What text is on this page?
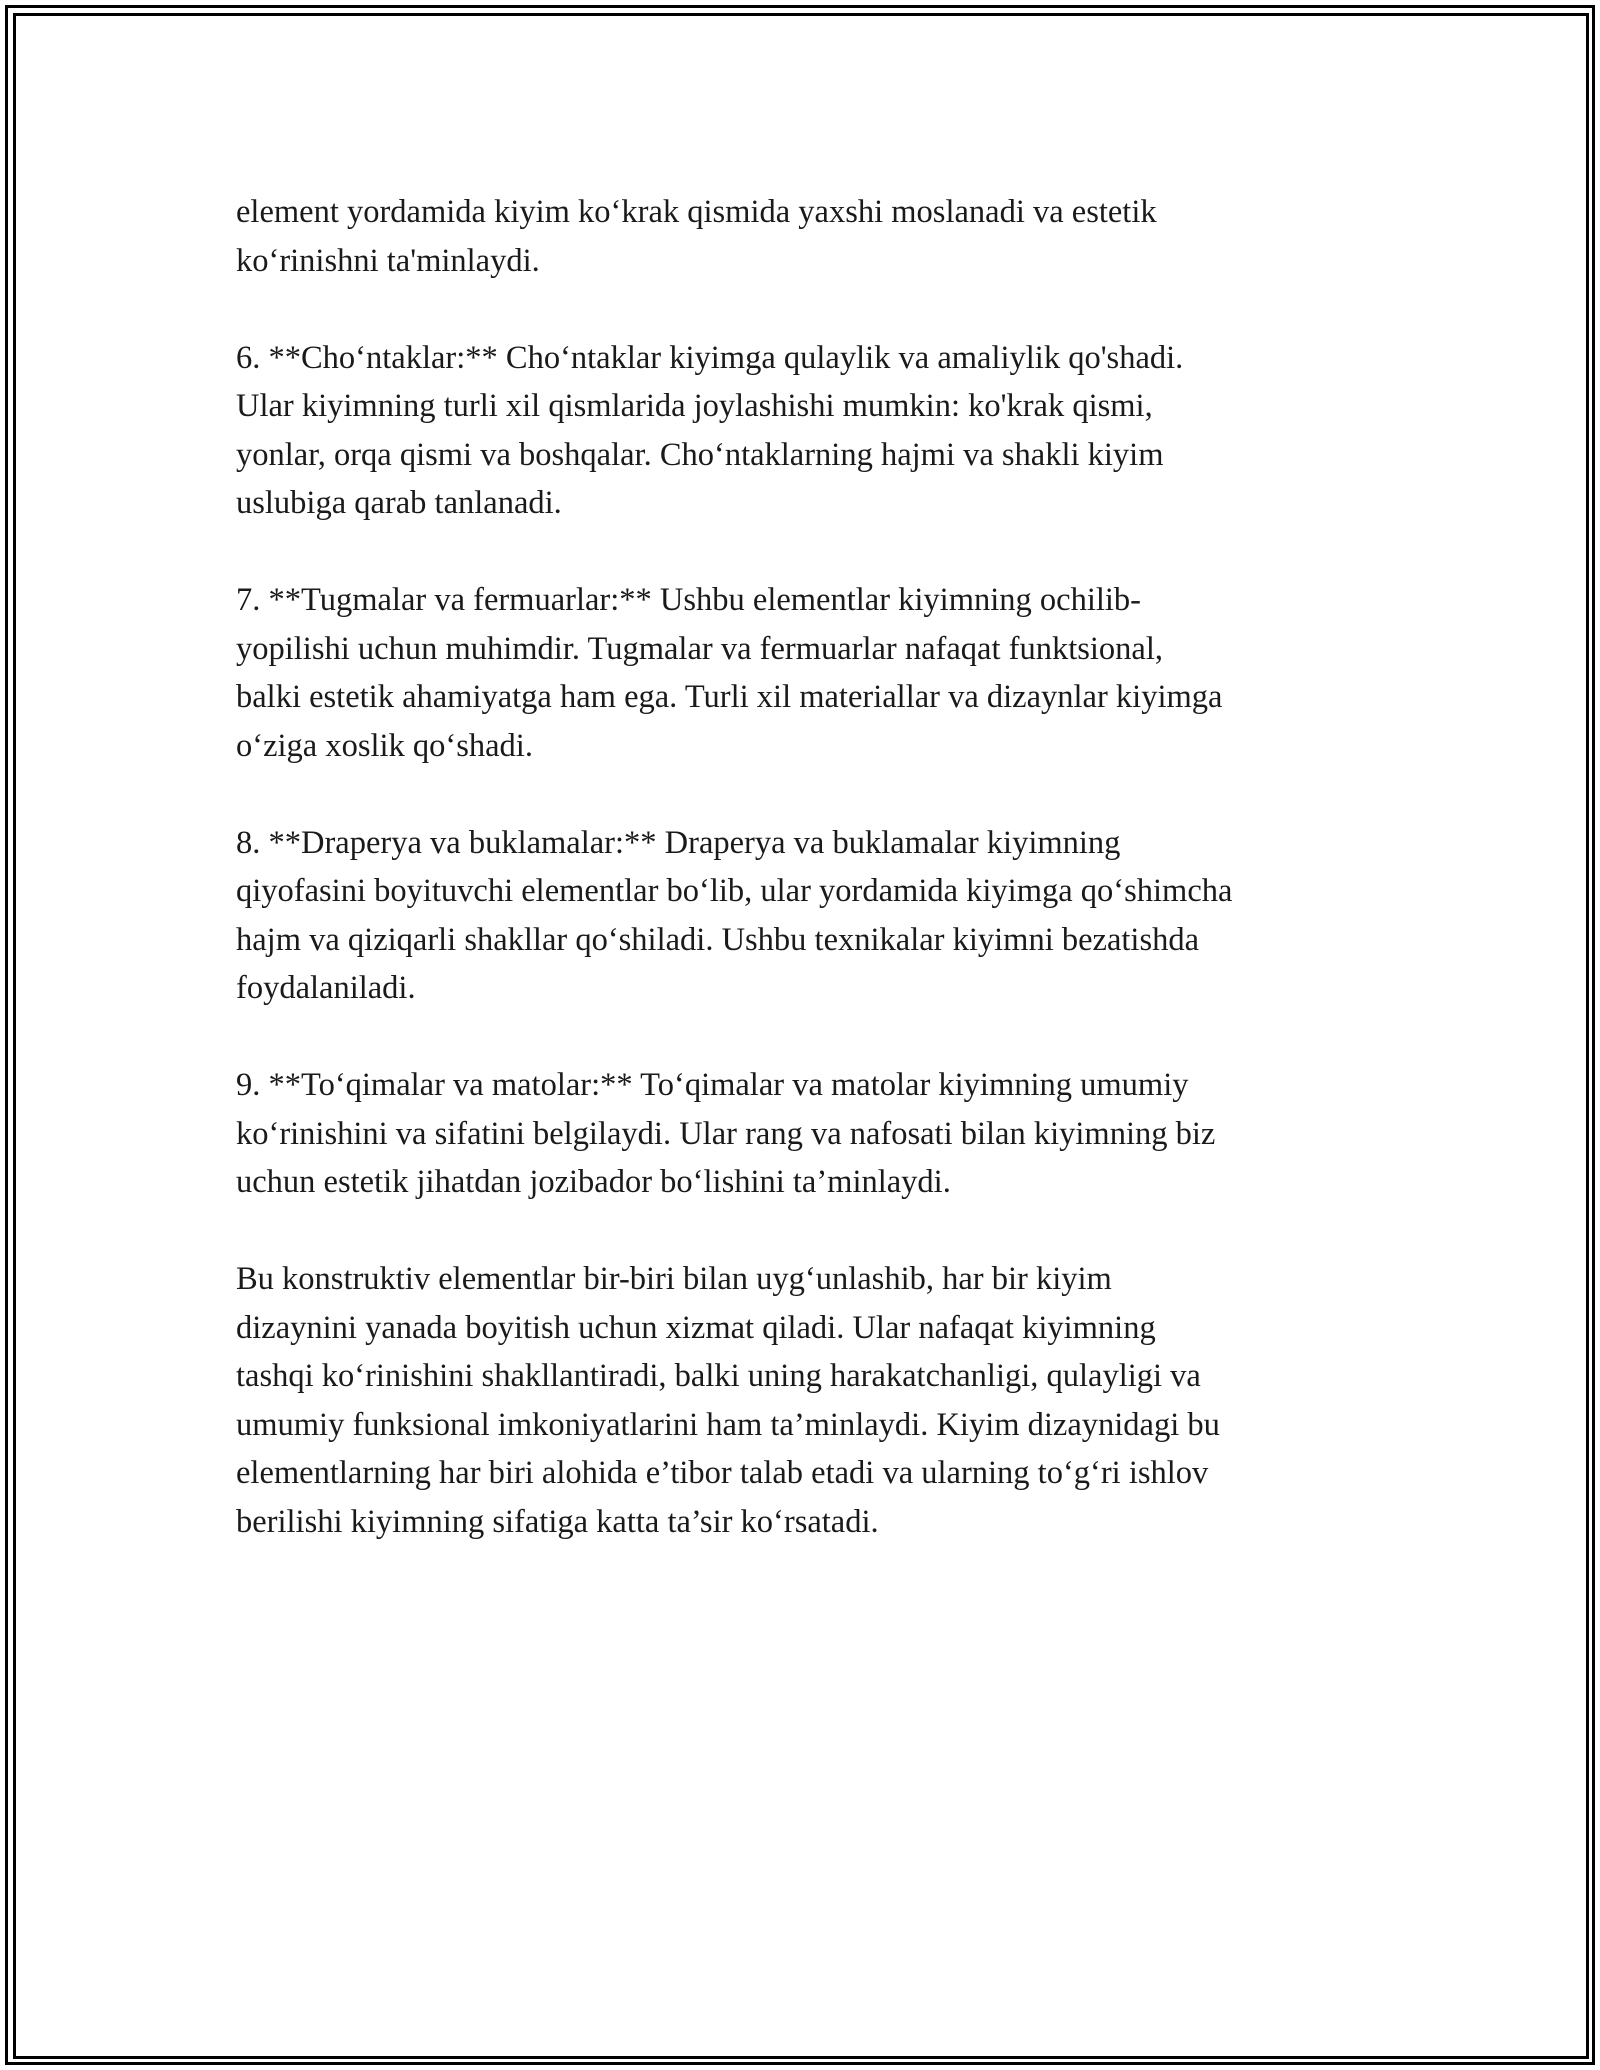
element yordamida kiyim ko‘krak qismida yaxshi moslanadi va estetik
ko‘rinishni ta'minlaydi.

6. **Cho‘ntaklar:** Cho‘ntaklar kiyimga qulaylik va amaliylik qo'shadi.
Ular kiyimning turli xil qismlarida joylashishi mumkin: ko'krak qismi,
yonlar, orqa qismi va boshqalar. Cho‘ntaklarning hajmi va shakli kiyim
uslubiga qarab tanlanadi.

7. **Tugmalar va fermuarlar:** Ushbu elementlar kiyimning ochilib-
yopilishi uchun muhimdir. Tugmalar va fermuarlar nafaqat funktsional,
balki estetik ahamiyatga ham ega. Turli xil materiallar va dizaynlar kiyimga
o‘ziga xoslik qo‘shadi.

8. **Draperya va buklamalar:** Draperya va buklamalar kiyimning
qiyofasini boyituvchi elementlar bo‘lib, ular yordamida kiyimga qo‘shimcha
hajm va qiziqarli shakllar qo‘shiladi. Ushbu texnikalar kiyimni bezatishda
foydalaniladi.

9. **To‘qimalar va matolar:** To‘qimalar va matolar kiyimning umumiy
ko‘rinishini va sifatini belgilaydi. Ular rang va nafosati bilan kiyimning biz
uchun estetik jihatdan jozibador bo‘lishini ta’minlaydi.

Bu konstruktiv elementlar bir-biri bilan uyg‘unlashib, har bir kiyim
dizaynini yanada boyitish uchun xizmat qiladi. Ular nafaqat kiyimning
tashqi ko‘rinishini shakllantiradi, balki uning harakatchanligi, qulayligi va
umumiy funksional imkoniyatlarini ham ta’minlaydi. Kiyim dizaynidagi bu
elementlarning har biri alohida e’tibor talab etadi va ularning to‘g‘ri ishlov
berilishi kiyimning sifatiga katta ta’sir ko‘rsatadi.
